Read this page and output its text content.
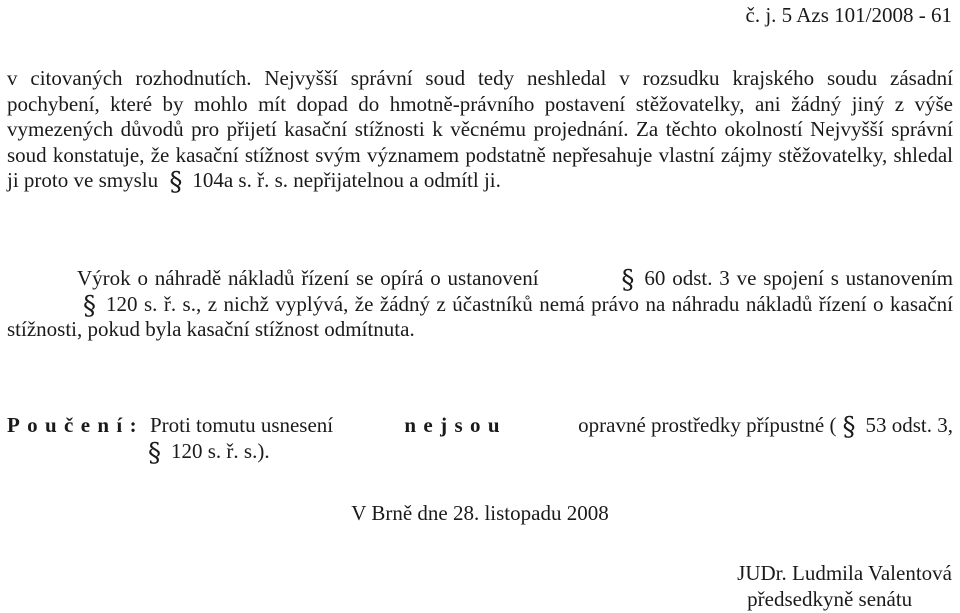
č. j. 5 Azs 101/2008 - 61

v citovaných rozhodnutích. Nejvyšší správní soud tedy neshledal v rozsudku krajského soudu zásadní pochybení, které by mohlo mít dopad do hmotně-právního postavení stěžovatelky, ani žádný jiný z výše vymezených důvodů pro přijetí kasační stížnosti k věcnému projednání. Za těchto okolností Nejvyšší správní soud konstatuje, že kasační stížnost svým významem podstatně nepřesahuje vlastní zájmy stěžovatelky, shledal ji proto ve smyslu § 104a s. ř. s. nepřijatelnou a odmítl ji.

Výrok o náhradě nákladů řízení se opírá o ustanovení	§ 60 odst. 3 ve spojení s ustanovením § 120 s. ř. s., z nichž vyplývá, že žádný z účastníků nemá právo na náhradu nákladů řízení o kasační stížnosti, pokud byla kasační stížnost odmítnuta.

Poučení: Proti tomutu usnesení	nejsou	opravné prostředky přípustné ( § 53 odst. 3,
§ 120 s. ř. s.).
V Brně dne 28. listopadu 2008
JUDr. Ludmila Valentová
předsedkyně senátu
